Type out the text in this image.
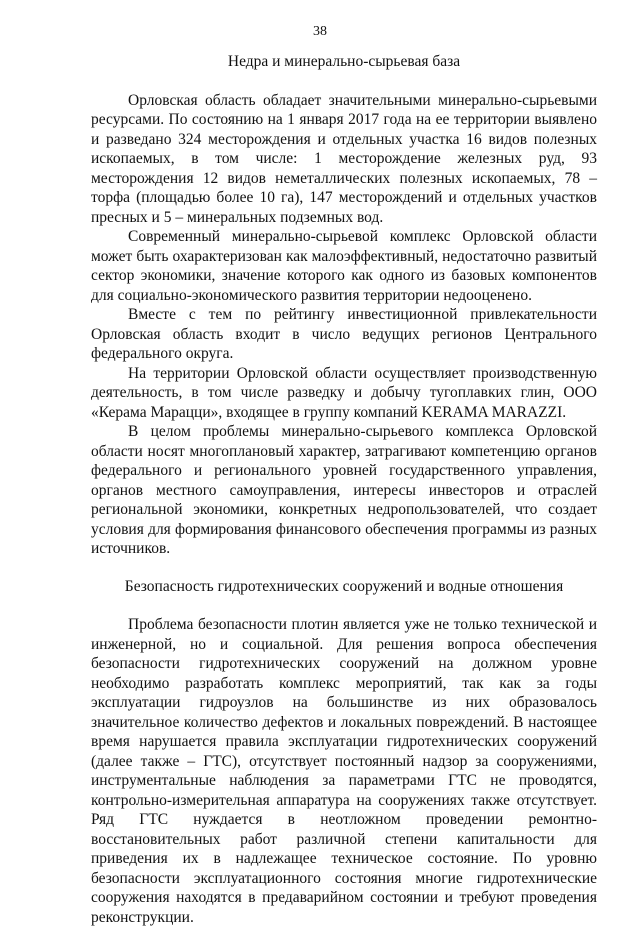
38
Недра и минерально-сырьевая база

Орловская область обладает значительными минерально-сырьевыми ресурсами. По состоянию на 1 января 2017 года на ее территории выявлено и разведано 324 месторождения и отдельных участка 16 видов полезных ископаемых, в том числе: 1 месторождение железных руд, 93 месторождения 12 видов неметаллических полезных ископаемых, 78 – торфа (площадью более 10 га), 147 месторождений и отдельных участков пресных и 5 – минеральных подземных вод.

Современный минерально-сырьевой комплекс Орловской области может быть охарактеризован как малоэффективный, недостаточно развитый сектор экономики, значение которого как одного из базовых компонентов для социально-экономического развития территории недооценено.

Вместе с тем по рейтингу инвестиционной привлекательности Орловская область входит в число ведущих регионов Центрального федерального округа.

На территории Орловской области осуществляет производственную деятельность, в том числе разведку и добычу тугоплавких глин, ООО «Керама Марацци», входящее в группу компаний KERAMA MARAZZI.

В целом проблемы минерально-сырьевого комплекса Орловской области носят многоплановый характер, затрагивают компетенцию органов федерального и регионального уровней государственного управления, органов местного самоуправления, интересы инвесторов и отраслей региональной экономики, конкретных недропользователей, что создает условия для формирования финансового обеспечения программы из разных источников.

Безопасность гидротехнических сооружений и водные отношения

Проблема безопасности плотин является уже не только технической и инженерной, но и социальной. Для решения вопроса обеспечения безопасности гидротехнических сооружений на должном уровне необходимо разработать комплекс мероприятий, так как за годы эксплуатации гидроузлов на большинстве из них образовалось значительное количество дефектов и локальных повреждений. В настоящее время нарушается правила эксплуатации гидротехнических сооружений (далее также – ГТС), отсутствует постоянный надзор за сооружениями, инструментальные наблюдения за параметрами ГТС не проводятся, контрольно-измерительная аппаратура на сооружениях также отсутствует. Ряд ГТС нуждается в неотложном проведении ремонтно-восстановительных работ различной степени капитальности для приведения их в надлежащее техническое состояние. По уровню безопасности эксплуатационного состояния многие гидротехнические сооружения находятся в предаварийном состоянии и требуют проведения реконструкции.
